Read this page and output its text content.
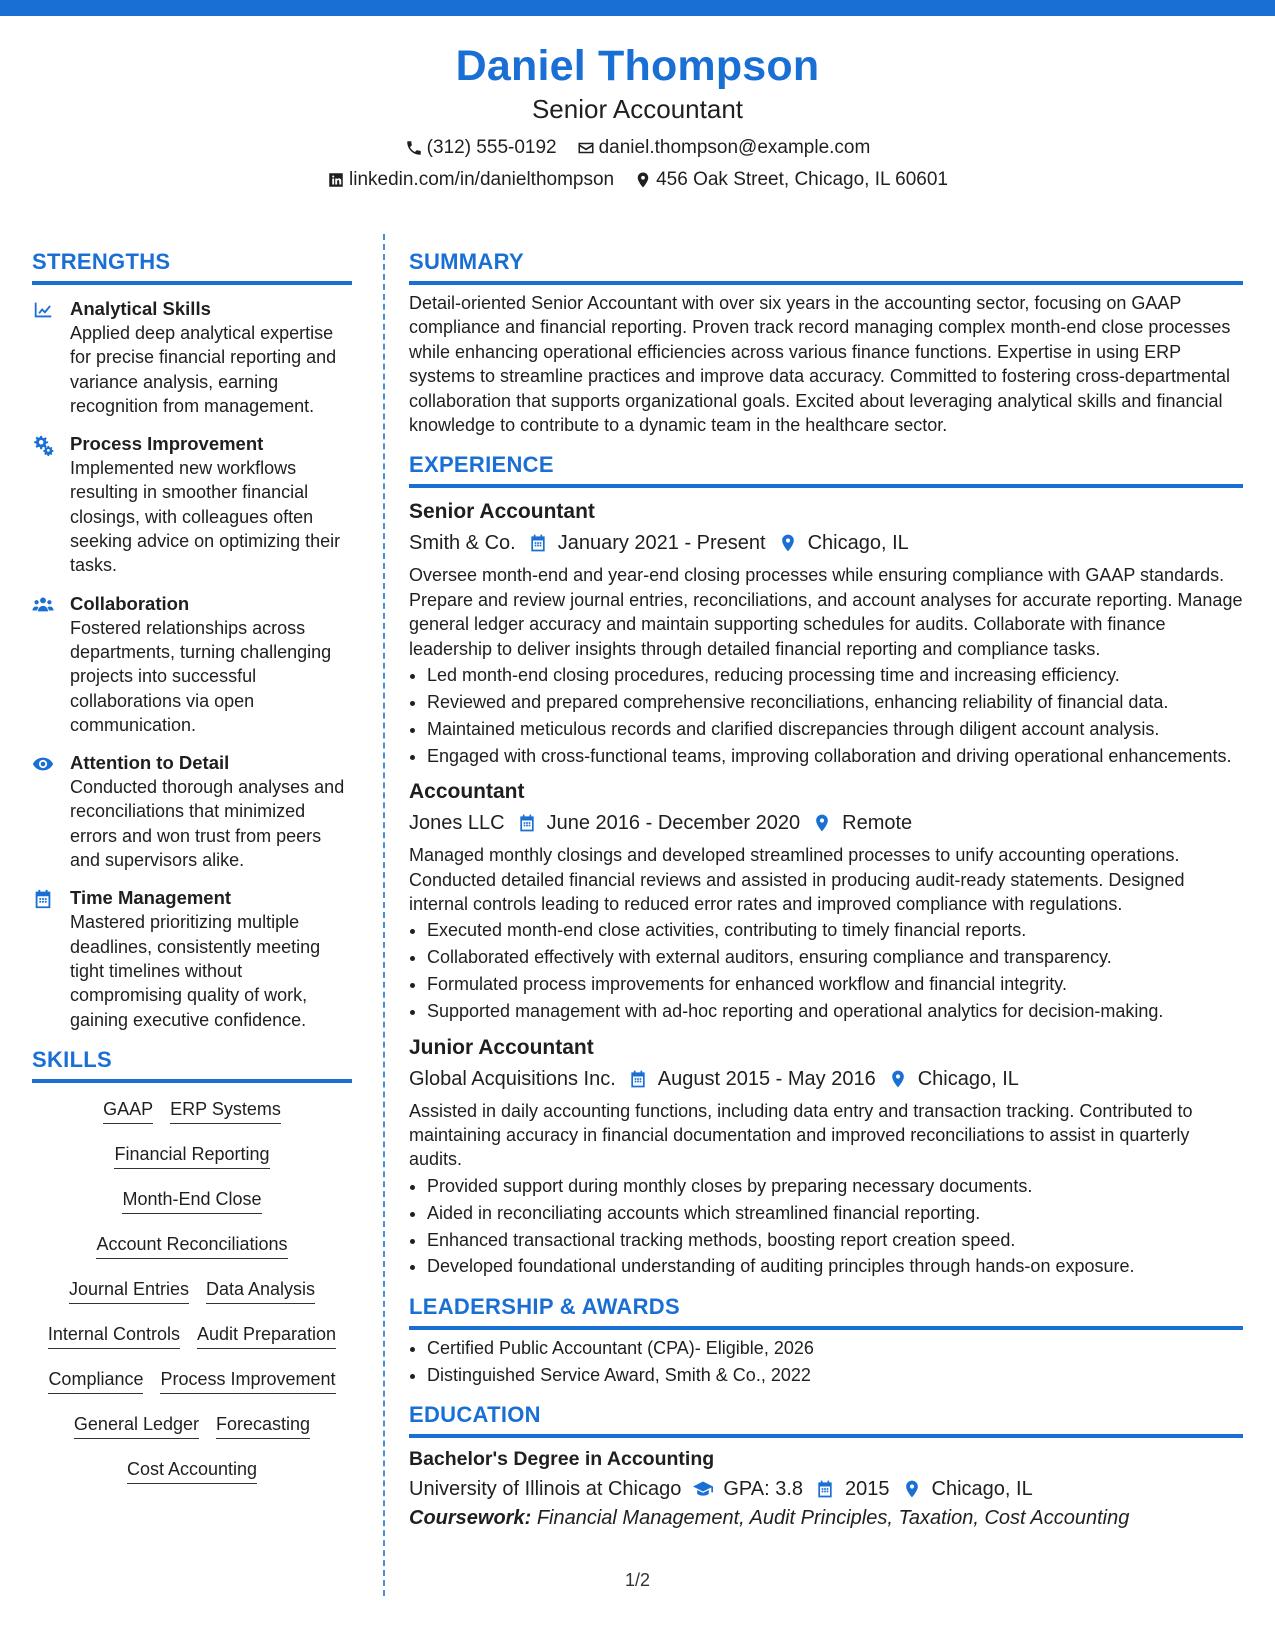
Daniel Thompson
Senior Accountant
(312) 555-0192 daniel.thompson@example.com
linkedin.com/in/danielthompson 456 Oak Street, Chicago, IL 60601
STRENGTHS
Analytical Skills
Applied deep analytical expertise for precise financial reporting and variance analysis, earning recognition from management.
Process Improvement
Implemented new workflows resulting in smoother financial closings, with colleagues often seeking advice on optimizing their tasks.
Collaboration
Fostered relationships across departments, turning challenging projects into successful collaborations via open communication.
Attention to Detail
Conducted thorough analyses and reconciliations that minimized errors and won trust from peers and supervisors alike.
Time Management
Mastered prioritizing multiple deadlines, consistently meeting tight timelines without compromising quality of work, gaining executive confidence.
SKILLS
GAAP ERP Systems
Financial Reporting
Month-End Close
Account Reconciliations
Journal Entries Data Analysis
Internal Controls Audit Preparation
Compliance Process Improvement
General Ledger Forecasting
Cost Accounting
SUMMARY
Detail-oriented Senior Accountant with over six years in the accounting sector, focusing on GAAP compliance and financial reporting. Proven track record managing complex month-end close processes while enhancing operational efficiencies across various finance functions. Expertise in using ERP systems to streamline practices and improve data accuracy. Committed to fostering cross-departmental collaboration that supports organizational goals. Excited about leveraging analytical skills and financial knowledge to contribute to a dynamic team in the healthcare sector.
EXPERIENCE
Senior Accountant
Smith & Co. January 2021 - Present Chicago, IL
Oversee month-end and year-end closing processes while ensuring compliance with GAAP standards. Prepare and review journal entries, reconciliations, and account analyses for accurate reporting. Manage general ledger accuracy and maintain supporting schedules for audits. Collaborate with finance leadership to deliver insights through detailed financial reporting and compliance tasks.
• Led month-end closing procedures, reducing processing time and increasing efficiency.
• Reviewed and prepared comprehensive reconciliations, enhancing reliability of financial data.
• Maintained meticulous records and clarified discrepancies through diligent account analysis.
• Engaged with cross-functional teams, improving collaboration and driving operational enhancements.
Accountant
Jones LLC June 2016 - December 2020 Remote
Managed monthly closings and developed streamlined processes to unify accounting operations. Conducted detailed financial reviews and assisted in producing audit-ready statements. Designed internal controls leading to reduced error rates and improved compliance with regulations.
• Executed month-end close activities, contributing to timely financial reports.
• Collaborated effectively with external auditors, ensuring compliance and transparency.
• Formulated process improvements for enhanced workflow and financial integrity.
• Supported management with ad-hoc reporting and operational analytics for decision-making.
Junior Accountant
Global Acquisitions Inc. August 2015 - May 2016 Chicago, IL
Assisted in daily accounting functions, including data entry and transaction tracking. Contributed to maintaining accuracy in financial documentation and improved reconciliations to assist in quarterly audits.
• Provided support during monthly closes by preparing necessary documents.
• Aided in reconciliating accounts which streamlined financial reporting.
• Enhanced transactional tracking methods, boosting report creation speed.
• Developed foundational understanding of auditing principles through hands-on exposure.
LEADERSHIP & AWARDS
• Certified Public Accountant (CPA)- Eligible, 2026
• Distinguished Service Award, Smith & Co., 2022
EDUCATION
Bachelor's Degree in Accounting
University of Illinois at Chicago GPA: 3.8 2015 Chicago, IL
Coursework: Financial Management, Audit Principles, Taxation, Cost Accounting
1/2
